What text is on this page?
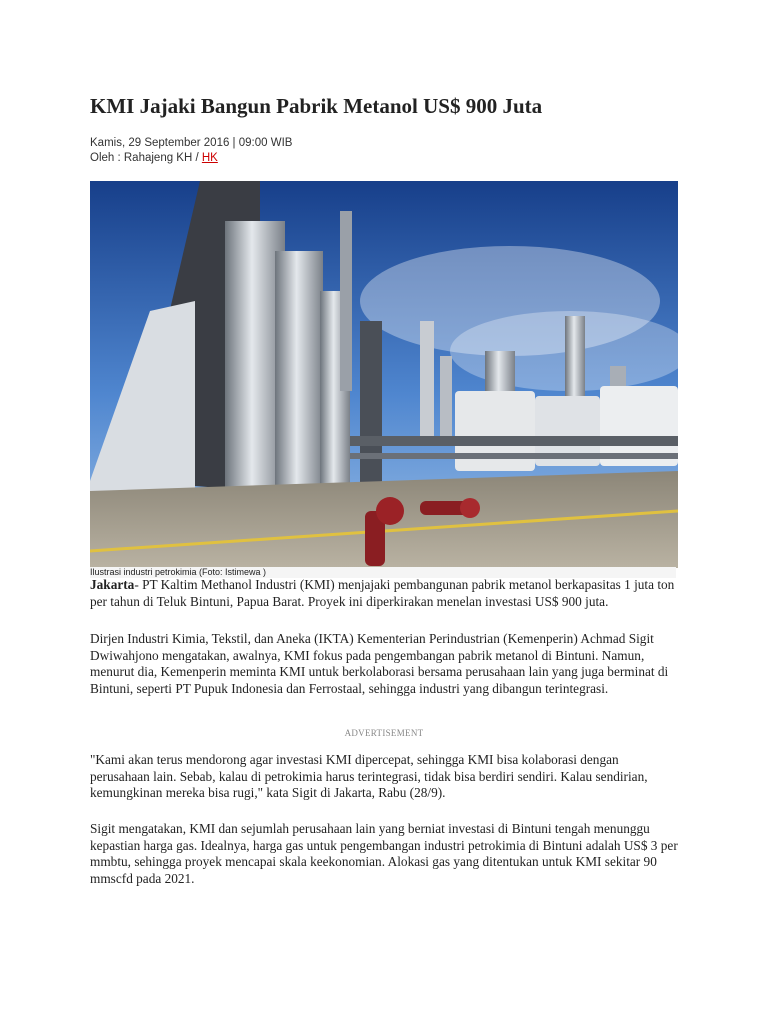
KMI Jajaki Bangun Pabrik Metanol US$ 900 Juta
Kamis, 29 September 2016 | 09:00 WIB
Oleh : Rahajeng KH / HK
Ilustrasi industri petrokimia (Foto: Istimewa )

Jakarta- PT Kaltim Methanol Industri (KMI) menjajaki pembangunan pabrik metanol berkapasitas 1 juta ton per tahun di Teluk Bintuni, Papua Barat. Proyek ini diperkirakan menelan investasi US$ 900 juta.

Dirjen Industri Kimia, Tekstil, dan Aneka (IKTA) Kementerian Perindustrian (Kemenperin) Achmad Sigit Dwiwahjono mengatakan, awalnya, KMI fokus pada pengembangan pabrik metanol di Bintuni. Namun, menurut dia, Kemenperin meminta KMI untuk berkolaborasi bersama perusahaan lain yang juga berminat di Bintuni, seperti PT Pupuk Indonesia dan Ferrostaal, sehingga industri yang dibangun terintegrasi.

ADVERTISEMENT

"Kami akan terus mendorong agar investasi KMI dipercepat, sehingga KMI bisa kolaborasi dengan perusahaan lain. Sebab, kalau di petrokimia harus terintegrasi, tidak bisa berdiri sendiri. Kalau sendirian, kemungkinan mereka bisa rugi," kata Sigit di Jakarta, Rabu (28/9).

Sigit mengatakan, KMI dan sejumlah perusahaan lain yang berniat investasi di Bintuni tengah menunggu kepastian harga gas. Idealnya, harga gas untuk pengembangan industri petrokimia di Bintuni adalah US$ 3 per mmbtu, sehingga proyek mencapai skala keekonomian. Alokasi gas yang ditentukan untuk KMI sekitar 90 mmscfd pada 2021.
